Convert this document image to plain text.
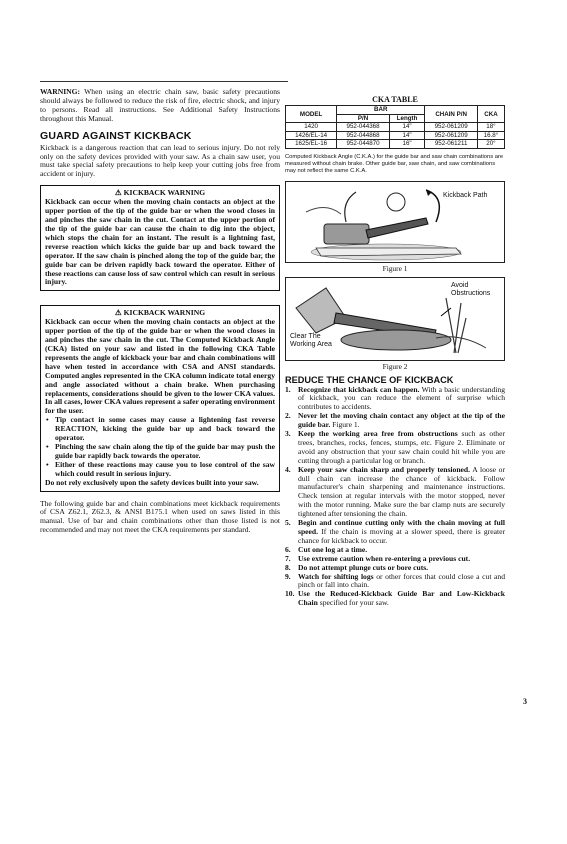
WARNING: When using an electric chain saw, basic safety precautions should always be followed to reduce the risk of fire, electric shock, and injury to persons. Read all instructions. See Additional Safety Instructions throughout this Manual.
GUARD AGAINST KICKBACK
Kickback is a dangerous reaction that can lead to serious injury. Do not rely only on the safety devices provided with your saw. As a chain saw user, you must take special safety precautions to help keep your cutting jobs free from accident or injury.
⚠ KICKBACK WARNING
Kickback can occur when the moving chain contacts an object at the upper portion of the tip of the guide bar or when the wood closes in and pinches the saw chain in the cut. Contact at the upper portion of the tip of the guide bar can cause the chain to dig into the object, which stops the chain for an instant. The result is a lightning fast, reverse reaction which kicks the guide bar up and back toward the operator. If the saw chain is pinched along the top of the guide bar, the guide bar can be driven rapidly back toward the operator. Either of these reactions can cause loss of saw control which can result in serious injury.
⚠ KICKBACK WARNING
Kickback can occur when the moving chain contacts an object at the upper portion of the tip of the guide bar or when the wood closes in and pinches the saw chain in the cut. The Computed Kickback Angle (CKA) listed on your saw and listed in the following CKA Table represents the angle of kickback your bar and chain combinations will have when tested in accordance with CSA and ANSI standards. Computed angles represented in the CKA column indicate total energy and angle associated without a chain brake. When purchasing replacements, considerations should be given to the lower CKA values. In all cases, lower CKA values represent a safer operating environment for the user.
• Tip contact in some cases may cause a lightening fast reverse REACTION, kicking the guide bar up and back toward the operator.
• Pinching the saw chain along the tip of the guide bar may push the guide bar rapidly back towards the operator.
• Either of these reactions may cause you to lose control of the saw which could result in serious injury.
Do not rely exclusively upon the safety devices built into your saw.
The following guide bar and chain combinations meet kickback requirements of CSA Z62.1, Z62.3, & ANSI B175.1 when used on saws listed in this manual. Use of bar and chain combinations other than those listed is not recommended and may not meet the CKA requirements per standard.
CKA TABLE
MODEL	BAR		CHAIN P/N	CKA
	P/N	Length		
1420	952-044368	14"	952-061209	18°
1426/EL-14	952-044868	14"	952-061209	16.8°
1625/EL-16	952-044870	16"	952-061211	20°
Computed Kickback Angle (C.K.A.) for the guide bar and saw chain combinations are measured without chain brake. Other guide bar, saw chain, and saw combinations may not reflect the same C.K.A.
Kickback Path
Figure 1
Avoid Obstructions
Clear The Working Area
Figure 2
REDUCE THE CHANCE OF KICKBACK
1. Recognize that kickback can happen. With a basic understanding of kickback, you can reduce the element of surprise which contributes to accidents.
2. Never let the moving chain contact any object at the tip of the guide bar. Figure 1.
3. Keep the working area free from obstructions such as other trees, branches, rocks, fences, stumps, etc. Figure 2. Eliminate or avoid any obstruction that your saw chain could hit while you are cutting through a particular log or branch.
4. Keep your saw chain sharp and properly tensioned. A loose or dull chain can increase the chance of kickback. Follow manufacturer's chain sharpening and maintenance instructions. Check tension at regular intervals with the motor stopped, never with the motor running. Make sure the bar clamp nuts are securely tightened after tensioning the chain.
5. Begin and continue cutting only with the chain moving at full speed. If the chain is moving at a slower speed, there is greater chance for kickback to occur.
6. Cut one log at a time.
7. Use extreme caution when re-entering a previous cut.
8. Do not attempt plunge cuts or bore cuts.
9. Watch for shifting logs or other forces that could close a cut and pinch or fall into chain.
10. Use the Reduced-Kickback Guide Bar and Low-Kickback Chain specified for your saw.
3
